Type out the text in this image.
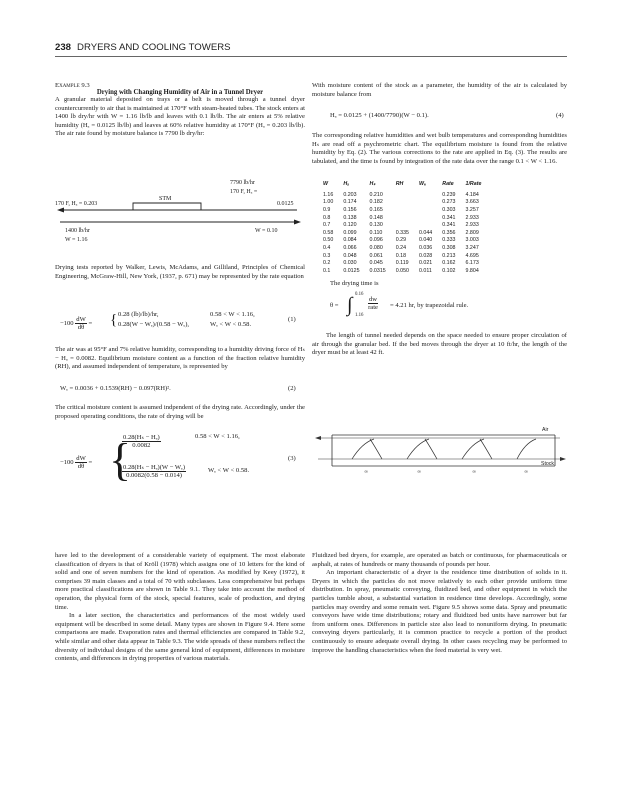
238 DRYERS AND COOLING TOWERS
Example 9.3
Drying with Changing Humidity of Air in a Tunnel Dryer

A granular material deposited on trays or a belt is moved through a tunnel dryer countercurrently to air that is maintained at 170°F with steam-heated tubes. The stock enters at 1400 lb dry/hr with W = 1.16 lb/lb and leaves with 0.1 lb/lb. The air enters at 5% relative humidity (Hₐ = 0.0125 lb/lb) and leaves at 60% relative humidity at 170°F (Hₐ = 0.203 lb/lb). The air rate found by moisture balance is 7790 lb dry/hr:

7790 lb/hr
170 F, Hₐ =
0.0125
170 F, Hₐ = 0.203
STM
1400 lb/hr
W = 1.16
W = 0.10

Drying tests reported by Walker, Lewis, McAdams, and Gilliland, Principles of Chemical Engineering, McGraw-Hill, New York, (1937, p. 671) may be represented by the rate equation

$-100 \frac{dW}{d\theta}$ = { 0.28 (lb)/lb)/hr,	0.58 < W < 1.16,
0.28(W − Wₑ)/(0.58 − Wₑ),	Wₑ < W < 0.58.
(1)

The air was at 95°F and 7% relative humidity, corresponding to a humidity driving force of Hₛ − Hₐ = 0.0082. Equilibrium moisture content as a function of the fraction relative humidity (RH), and assumed independent of temperature, is represented by

Wₑ = 0.0036 + 0.1539(RH) − 0.097(RH)².	(2)

The critical moisture content is assumed indpendent of the drying rate. Accordingly, under the proposed operating conditions, the rate of drying will be

$-100 \frac{dW}{d\theta}$ = {
$\frac{\text{0.28(Hₛ − Hₐ)}}{0.0082}$	0.58 < W < 1.16,
$\frac{\text{0.28(Hₛ − Hₐ)(W − Wₑ)}}{0.0082(0.58 - 0.014)}$	Wₑ < W < 0.58.
(3)

With moisture content of the stock as a parameter, the humidity of the air is calculated by moisture balance from

Hₐ = 0.0125 + (1400/7790)(W − 0.1).	(4)

The corresponding relative humidities and wet bulb temperatures and corresponding humidities Hₛ are read off a psychrometric chart. The equilibrium moisture is found from the relative humidity by Eq. (2). The various corrections to the rate are applied in Eq. (3). The results are tabulated, and the time is found by integration of the rate data over the range 0.1 < W < 1.16.

W	Hₐ	Hₛ	RH	Wₑ	Rate	1/Rate
1.16	0.203	0.210			0.239	4.184
1.00	0.174	0.182			0.273	3.663
0.9	0.156	0.165			0.303	3.257
0.8	0.138	0.148			0.341	2.933
0.7	0.120	0.130			0.341	2.933
0.58	0.099	0.110	0.335	0.044	0.356	2.809
0.50	0.084	0.096	0.29	0.040	0.333	3.003
0.4	0.066	0.080	0.24	0.036	0.308	3.247
0.3	0.048	0.061	0.18	0.028	0.213	4.695
0.2	0.030	0.045	0.119	0.021	0.162	6.173
0.1	0.0125	0.0315	0.050	0.011	0.102	9.804
The drying time is
θ = ∫ 0.16
1.16
dw
rate = 4.21 hr, by trapezoidal rule.

The length of tunnel needed depends on the space needed to ensure proper circulation of air through the granular bed. If the bed moves through the dryer at 10 ft/hr, the length of the dryer must be at least 42 ft.

∞	∞	∞	∞
Air
Stock

have led to the development of a considerable variety of equipment. The most elaborate classification of dryers is that of Kröll (1978) which assigns one of 10 letters for the kind of solid and one of seven numbers for the kind of operation. As modified by Keey (1972), it comprises 39 main classes and a total of 70 with subclasses. Less comprehensive but perhaps more practical classifications are shown in Table 9.1. They take into account the method of operation, the physical form of the stock, special features, scale of production, and drying time.

In a later section, the characteristics and performances of the most widely used equipment will be described in some detail. Many types are shown in Figure 9.4. Here some comparisons are made. Evaporation rates and thermal efficiencies are compared in Table 9.2, while similar and other data appear in Table 9.3. The wide spreads of these numbers reflect the diversity of individual designs of the same general kind of equipment, differences in moisture contents, and differences in drying properties of various materials.

Fluidized bed dryers, for example, are operated as batch or continuous, for pharmaceuticals or asphalt, at rates of hundreds or many thousands of pounds per hour.

An important characteristic of a dryer is the residence time distribution of solids in it. Dryers in which the particles do not move relatively to each other provide uniform time distribution. In spray, pneumatic conveying, fluidized bed, and other equipment in which the particles tumble about, a substantial variation in residence time develops. Accordingly, some particles may overdry and some remain wet. Figure 9.5 shows some data. Spray and pneumatic conveyors have wide time distributions; rotary and fluidized bed units have narrower but far from uniform ones. Differences in particle size also lead to nonuniform drying. In pneumatic conveying dryers particularly, it is common practice to recycle a portion of the product continuously to ensure adequate overall drying. In other cases recycling may be performed to improve the handling characteristics when the feed material is very wet.
